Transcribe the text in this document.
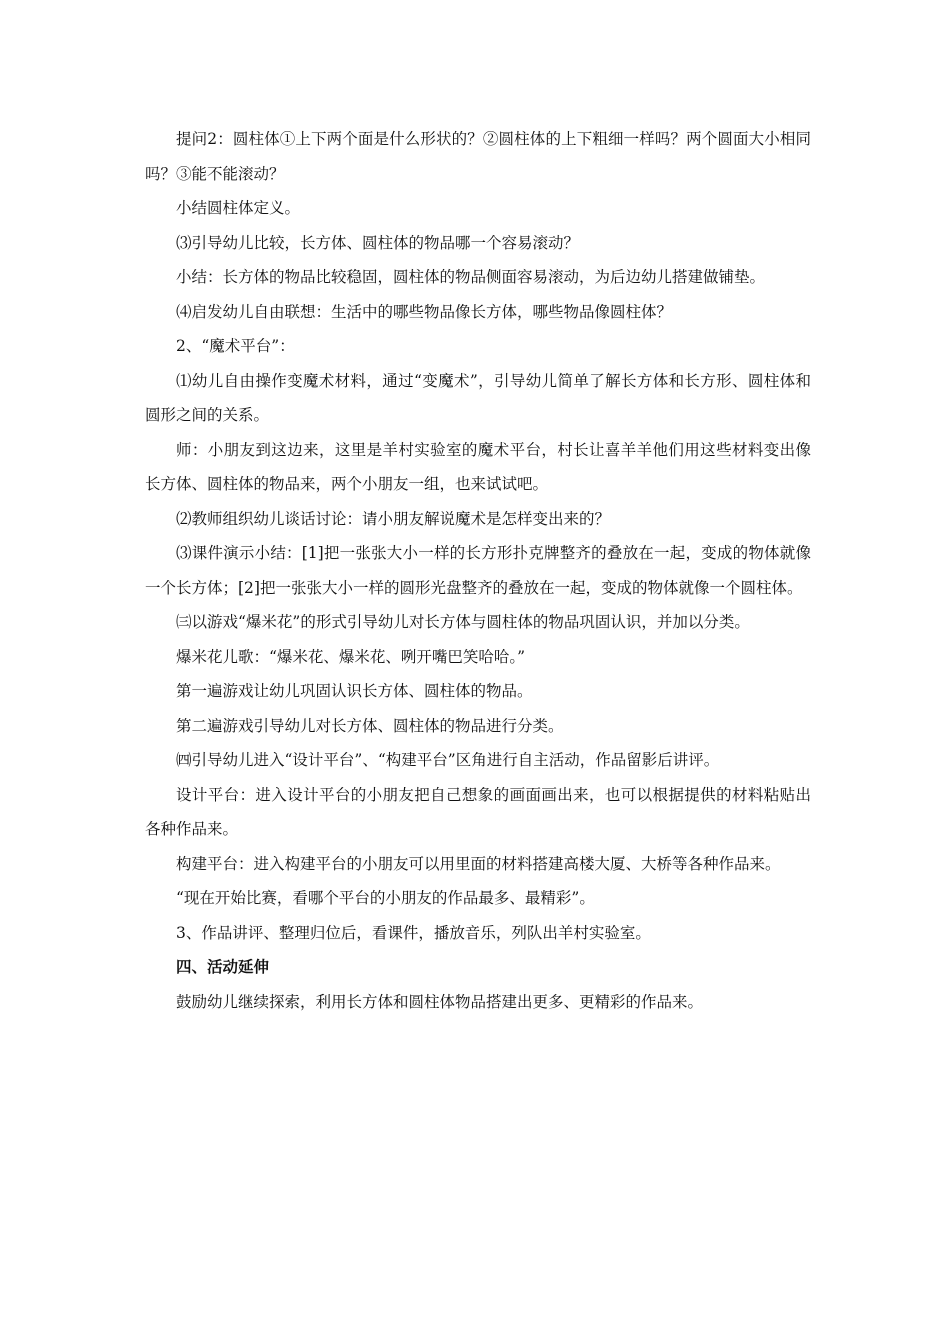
提问2：圆柱体①上下两个面是什么形状的？②圆柱体的上下粗细一样吗？两个圆面大小相同吗？③能不能滚动？

小结圆柱体定义。

⑶引导幼儿比较，长方体、圆柱体的物品哪一个容易滚动？

小结：长方体的物品比较稳固，圆柱体的物品侧面容易滚动，为后边幼儿搭建做铺垫。

⑷启发幼儿自由联想：生活中的哪些物品像长方体，哪些物品像圆柱体？

2、“魔术平台”：

⑴幼儿自由操作变魔术材料，通过“变魔术”，引导幼儿简单了解长方体和长方形、圆柱体和圆形之间的关系。

师：小朋友到这边来，这里是羊村实验室的魔术平台，村长让喜羊羊他们用这些材料变出像长方体、圆柱体的物品来，两个小朋友一组，也来试试吧。

⑵教师组织幼儿谈话讨论：请小朋友解说魔术是怎样变出来的？

⑶课件演示小结：[1]把一张张大小一样的长方形扑克牌整齐的叠放在一起，变成的物体就像一个长方体；[2]把一张张大小一样的圆形光盘整齐的叠放在一起，变成的物体就像一个圆柱体。

㈢以游戏“爆米花”的形式引导幼儿对长方体与圆柱体的物品巩固认识，并加以分类。

爆米花儿歌：“爆米花、爆米花、咧开嘴巴笑哈哈。”

第一遍游戏让幼儿巩固认识长方体、圆柱体的物品。

第二遍游戏引导幼儿对长方体、圆柱体的物品进行分类。

㈣引导幼儿进入“设计平台”、“构建平台”区角进行自主活动，作品留影后讲评。

设计平台：进入设计平台的小朋友把自己想象的画面画出来，也可以根据提供的材料粘贴出各种作品来。

构建平台：进入构建平台的小朋友可以用里面的材料搭建高楼大厦、大桥等各种作品来。

“现在开始比赛，看哪个平台的小朋友的作品最多、最精彩”。

3、作品讲评、整理归位后，看课件，播放音乐，列队出羊村实验室。

四、活动延伸

鼓励幼儿继续探索，利用长方体和圆柱体物品搭建出更多、更精彩的作品来。
